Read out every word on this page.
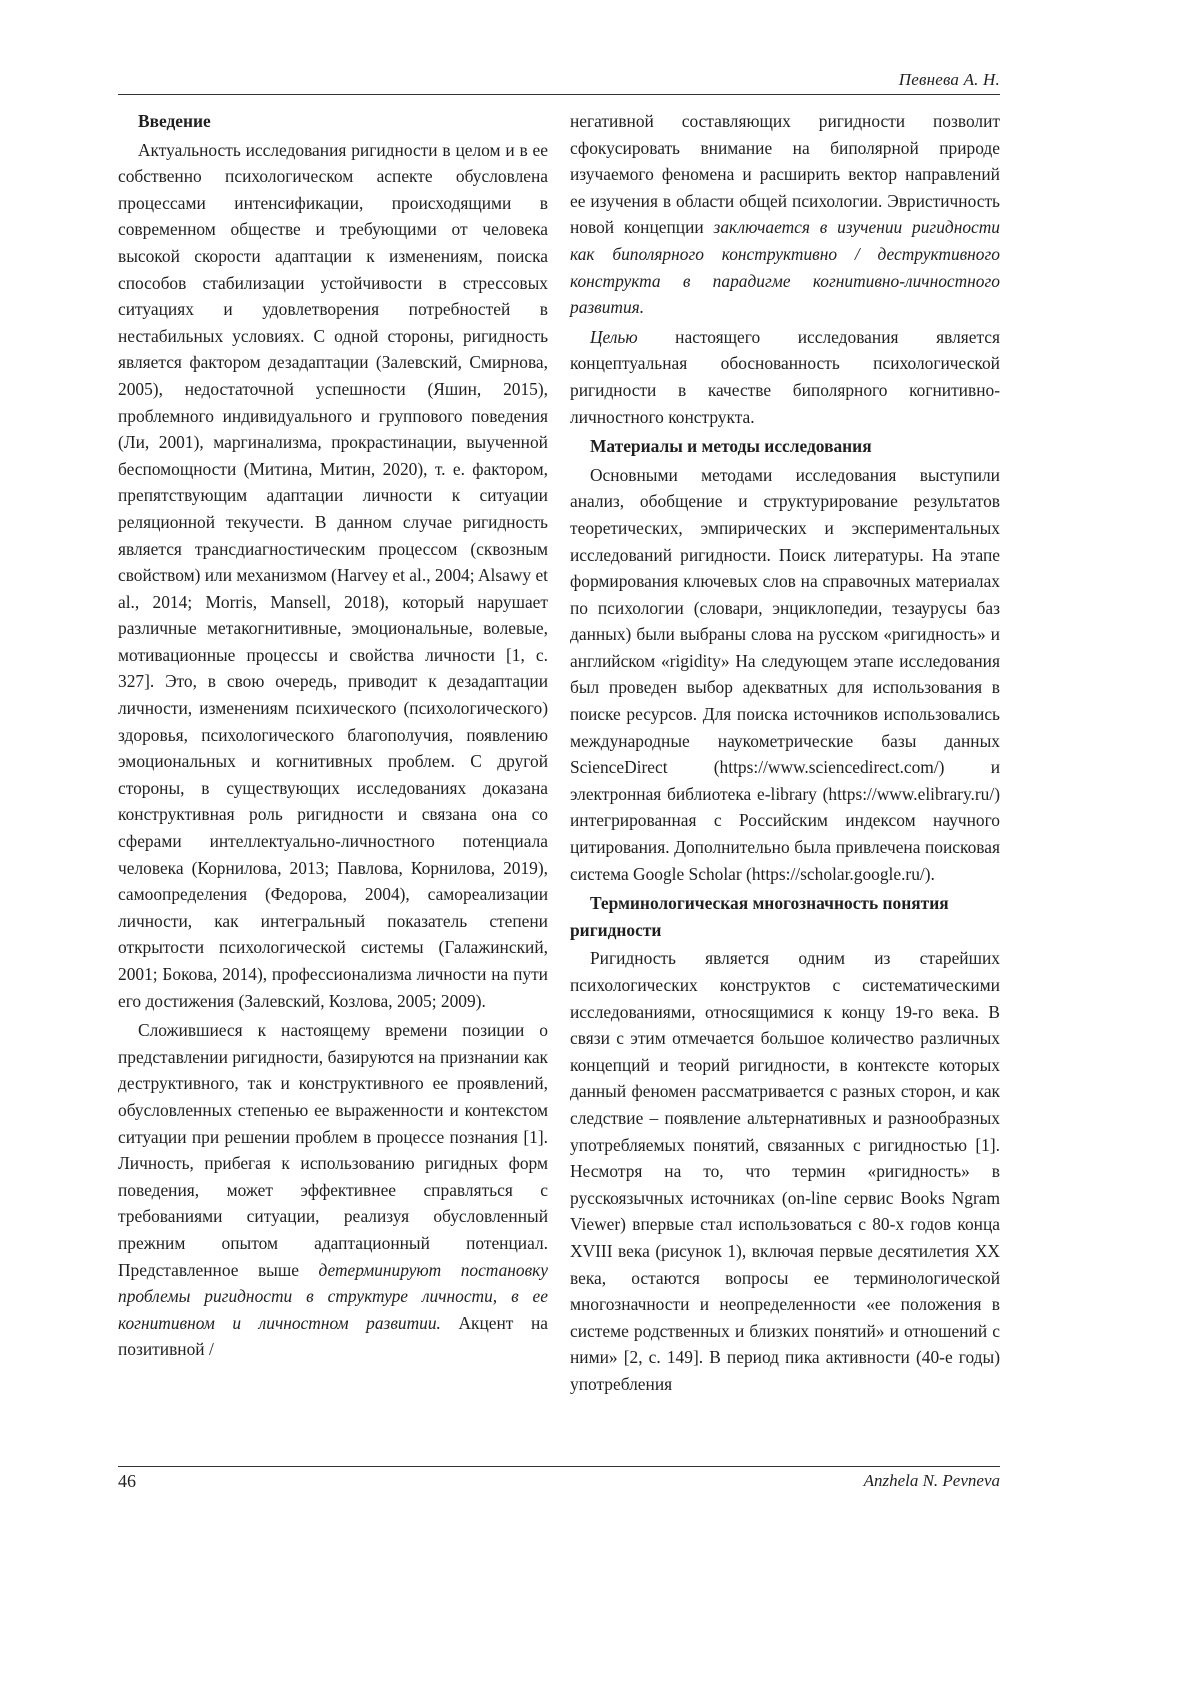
Певнева А. Н.
Введение

Актуальность исследования ригидности в целом и в ее собственно психологическом аспекте обусловлена процессами интенсификации, происходящими в современном обществе и требующими от человека высокой скорости адаптации к изменениям, поиска способов стабилизации устойчивости в стрессовых ситуациях и удовлетворения потребностей в нестабильных условиях. С одной стороны, ригидность является фактором дезадаптации (Залевский, Смирнова, 2005), недостаточной успешности (Яшин, 2015), проблемного индивидуального и группового поведения (Ли, 2001), маргинализма, прокрастинации, выученной беспомощности (Митина, Митин, 2020), т. е. фактором, препятствующим адаптации личности к ситуации реляционной текучести. В данном случае ригидность является трансдиагностическим процессом (сквозным свойством) или механизмом (Harvey et al., 2004; Alsawy et al., 2014; Morris, Mansell, 2018), который нарушает различные метакогнитивные, эмоциональные, волевые, мотивационные процессы и свойства личности [1, с. 327]. Это, в свою очередь, приводит к дезадаптации личности, изменениям психического (психологического) здоровья, психологического благополучия, появлению эмоциональных и когнитивных проблем. С другой стороны, в существующих исследованиях доказана конструктивная роль ригидности и связана она со сферами интеллектуально-личностного потенциала человека (Корнилова, 2013; Павлова, Корнилова, 2019), самоопределения (Федорова, 2004), самореализации личности, как интегральный показатель степени открытости психологической системы (Галажинский, 2001; Бокова, 2014), профессионализма личности на пути его достижения (Залевский, Козлова, 2005; 2009).

Сложившиеся к настоящему времени позиции о представлении ригидности, базируются на признании как деструктивного, так и конструктивного ее проявлений, обусловленных степенью ее выраженности и контекстом ситуации при решении проблем в процессе познания [1]. Личность, прибегая к использованию ригидных форм поведения, может эффективнее справляться с требованиями ситуации, реализуя обусловленный прежним опытом адаптационный потенциал. Представленное выше детерминируют постановку проблемы ригидности в структуре личности, в ее когнитивном и личностном развитии. Акцент на позитивной /

негативной составляющих ригидности позволит сфокусировать внимание на биполярной природе изучаемого феномена и расширить вектор направлений ее изучения в области общей психологии. Эвристичность новой концепции заключается в изучении ригидности как биполярного конструктивно / деструктивного конструкта в парадигме когнитивно-личностного развития.

Целью настоящего исследования является концептуальная обоснованность психологической ригидности в качестве биполярного когнитивно-личностного конструкта.

Материалы и методы исследования

Основными методами исследования выступили анализ, обобщение и структурирование результатов теоретических, эмпирических и экспериментальных исследований ригидности. Поиск литературы. На этапе формирования ключевых слов на справочных материалах по психологии (словари, энциклопедии, тезаурусы баз данных) были выбраны слова на русском «ригидность» и английском «rigidity» На следующем этапе исследования был проведен выбор адекватных для использования в поиске ресурсов. Для поиска источников использовались международные наукометрические базы данных ScienceDirect (https://www.sciencedirect.com/) и электронная библиотека e-library (https://www.elibrary.ru/) интегрированная с Российским индексом научного цитирования. Дополнительно была привлечена поисковая система Google Scholar (https://scholar.google.ru/).

Терминологическая многозначность понятия ригидности

Ригидность является одним из старейших психологических конструктов с систематическими исследованиями, относящимися к концу 19-го века. В связи с этим отмечается большое количество различных концепций и теорий ригидности, в контексте которых данный феномен рассматривается с разных сторон, и как следствие – появление альтернативных и разнообразных употребляемых понятий, связанных с ригидностью [1]. Несмотря на то, что термин «ригидность» в русскоязычных источниках (on-line сервис Books Ngram Viewer) впервые стал использоваться с 80-х годов конца XVIII века (рисунок 1), включая первые десятилетия XX века, остаются вопросы ее терминологической многозначности и неопределенности «ее положения в системе родственных и близких понятий» и отношений с ними» [2, с. 149]. В период пика активности (40-е годы) употребления

46	Anzhela N. Pevneva
